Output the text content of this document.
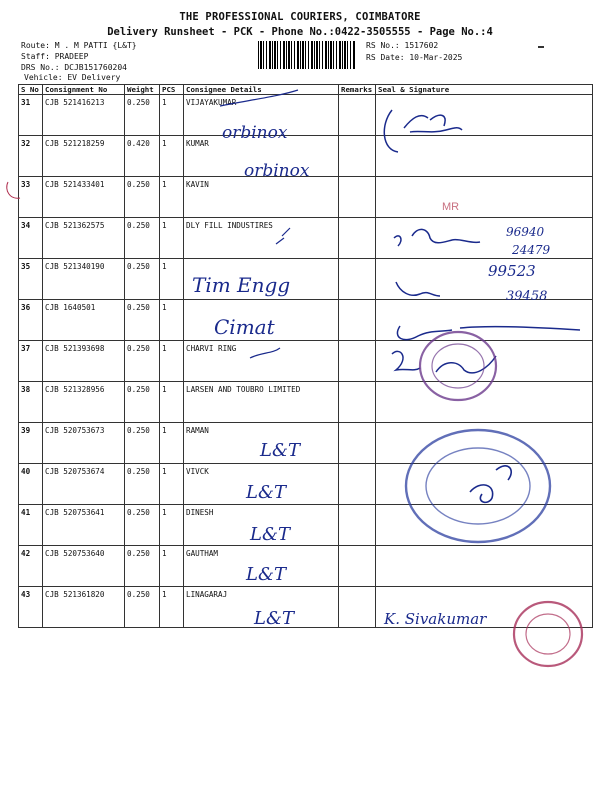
THE PROFESSIONAL COURIERS, COIMBATORE
Delivery Runsheet - PCK - Phone No.:0422-3505555 - Page No.:4
Route: M . M PATTI {L&T}
Staff: PRADEEP
DRS No.: DCJB151760204
Vehicle: EV Delivery
RS No.: 1517602
RS Date: 10-Mar-2025
S No	Consignment No	Weight	PCS	Consignee Details	Remarks	Seal & Signature
31	CJB 521416213	0.250	1	VIJAYAKUMAR		
32	CJB 521218259	0.420	1	KUMAR		
33	CJB 521433401	0.250	1	KAVIN		
34	CJB 521362575	0.250	1	DLY FILL INDUSTIRES		
35	CJB 521340190	0.250	1			
36	CJB 1640501	0.250	1			
37	CJB 521393698	0.250	1	CHARVI RING		
38	CJB 521328956	0.250	1	LARSEN AND TOUBRO LIMITED		
39	CJB 520753673	0.250	1	RAMAN		
40	CJB 520753674	0.250	1	VIVCK		
41	CJB 520753641	0.250	1	DINESH		
42	CJB 520753640	0.250	1	GAUTHAM		
43	CJB 521361820	0.250	1	LINAGARAJ		
orbinox
orbinox
MR
96940
24479
Tim Engg
99523
39458
Cimat
L&T
L&T
L&T
L&T
L&T	K. Sivakumar
